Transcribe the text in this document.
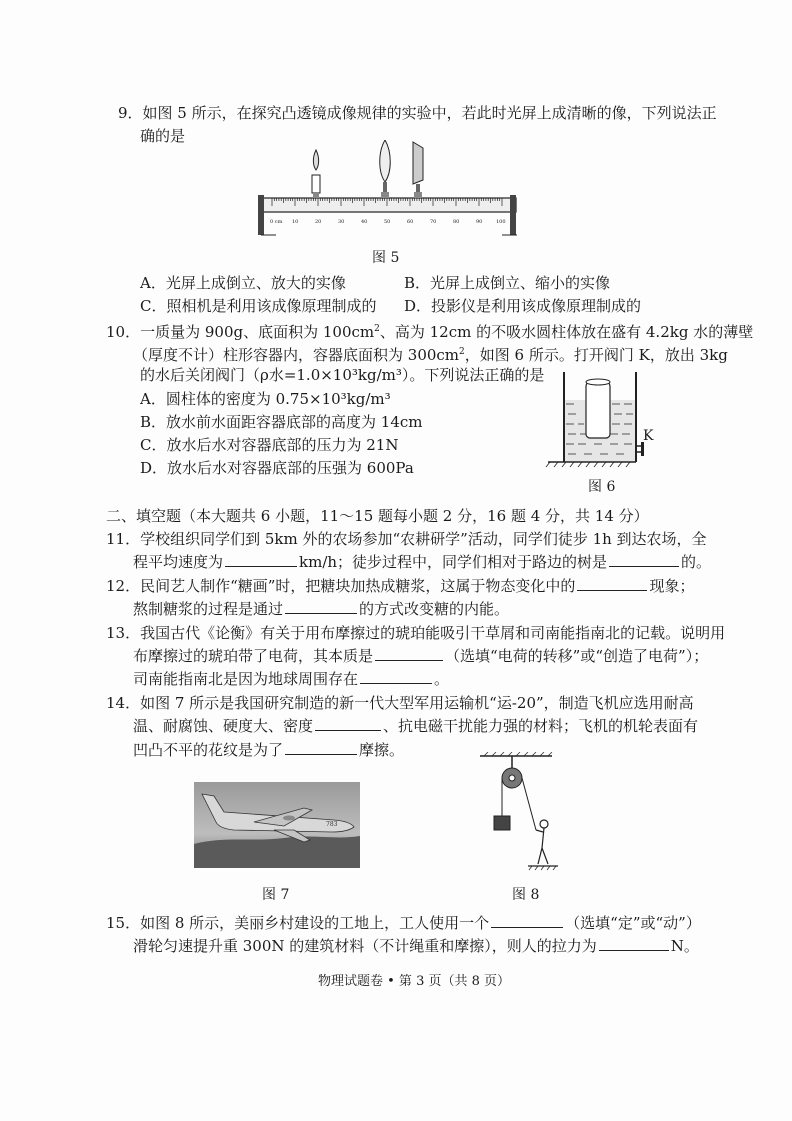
9．如图 5 所示，在探究凸透镜成像规律的实验中，若此时光屏上成清晰的像，下列说法正
确的是
0 cm 10	20	30	40	50	60	70	80	90	100
图 5
A．光屏上成倒立、放大的实像	B．光屏上成倒立、缩小的实像
C．照相机是利用该成像原理制成的 D．投影仪是利用该成像原理制成的
10．一质量为 900g、底面积为 $100cm^2$、高为 12cm 的不吸水圆柱体放在盛有 4.2kg 水的薄壁
（厚度不计）柱形容器内，容器底面积为 $300cm^2$，如图 6 所示。打开阀门 K，放出 3kg
的水后关闭阀门（ρ水=1.0×10³kg/m³）。下列说法正确的是
A．圆柱体的密度为 0.75×10³kg/m³
B．放水前水面距容器底部的高度为 14cm
C．放水后水对容器底部的压力为 21N
D．放水后水对容器底部的压强为 600Pa
K
图 6
二、填空题（本大题共 6 小题，11～15 题每小题 2 分，16 题 4 分，共 14 分）
11．学校组织同学们到 5km 外的农场参加“农耕研学”活动，同学们徒步 1h 到达农场，全
程平均速度为	km/h；徒步过程中，同学们相对于路边的树是	的。
12．民间艺人制作“糖画”时，把糖块加热成糖浆，这属于物态变化中的	现象；
熬制糖浆的过程是通过	的方式改变糖的内能。
13．我国古代《论衡》有关于用布摩擦过的琥珀能吸引干草屑和司南能指南北的记载。说明用
布摩擦过的琥珀带了电荷，其本质是	（选填“电荷的转移”或“创造了电荷”）；
司南能指南北是因为地球周围存在	。
14．如图 7 所示是我国研究制造的新一代大型军用运输机“运-20”，制造飞机应选用耐高
温、耐腐蚀、硬度大、密度	、抗电磁干扰能力强的材料；飞机的机轮表面有
凹凸不平的花纹是为了	摩擦。
783
图 7	图 8
15．如图 8 所示，美丽乡村建设的工地上，工人使用一个	（选填“定”或“动”）
滑轮匀速提升重 300N 的建筑材料（不计绳重和摩擦），则人的拉力为	N。
物理试题卷 • 第 3 页（共 8 页）
